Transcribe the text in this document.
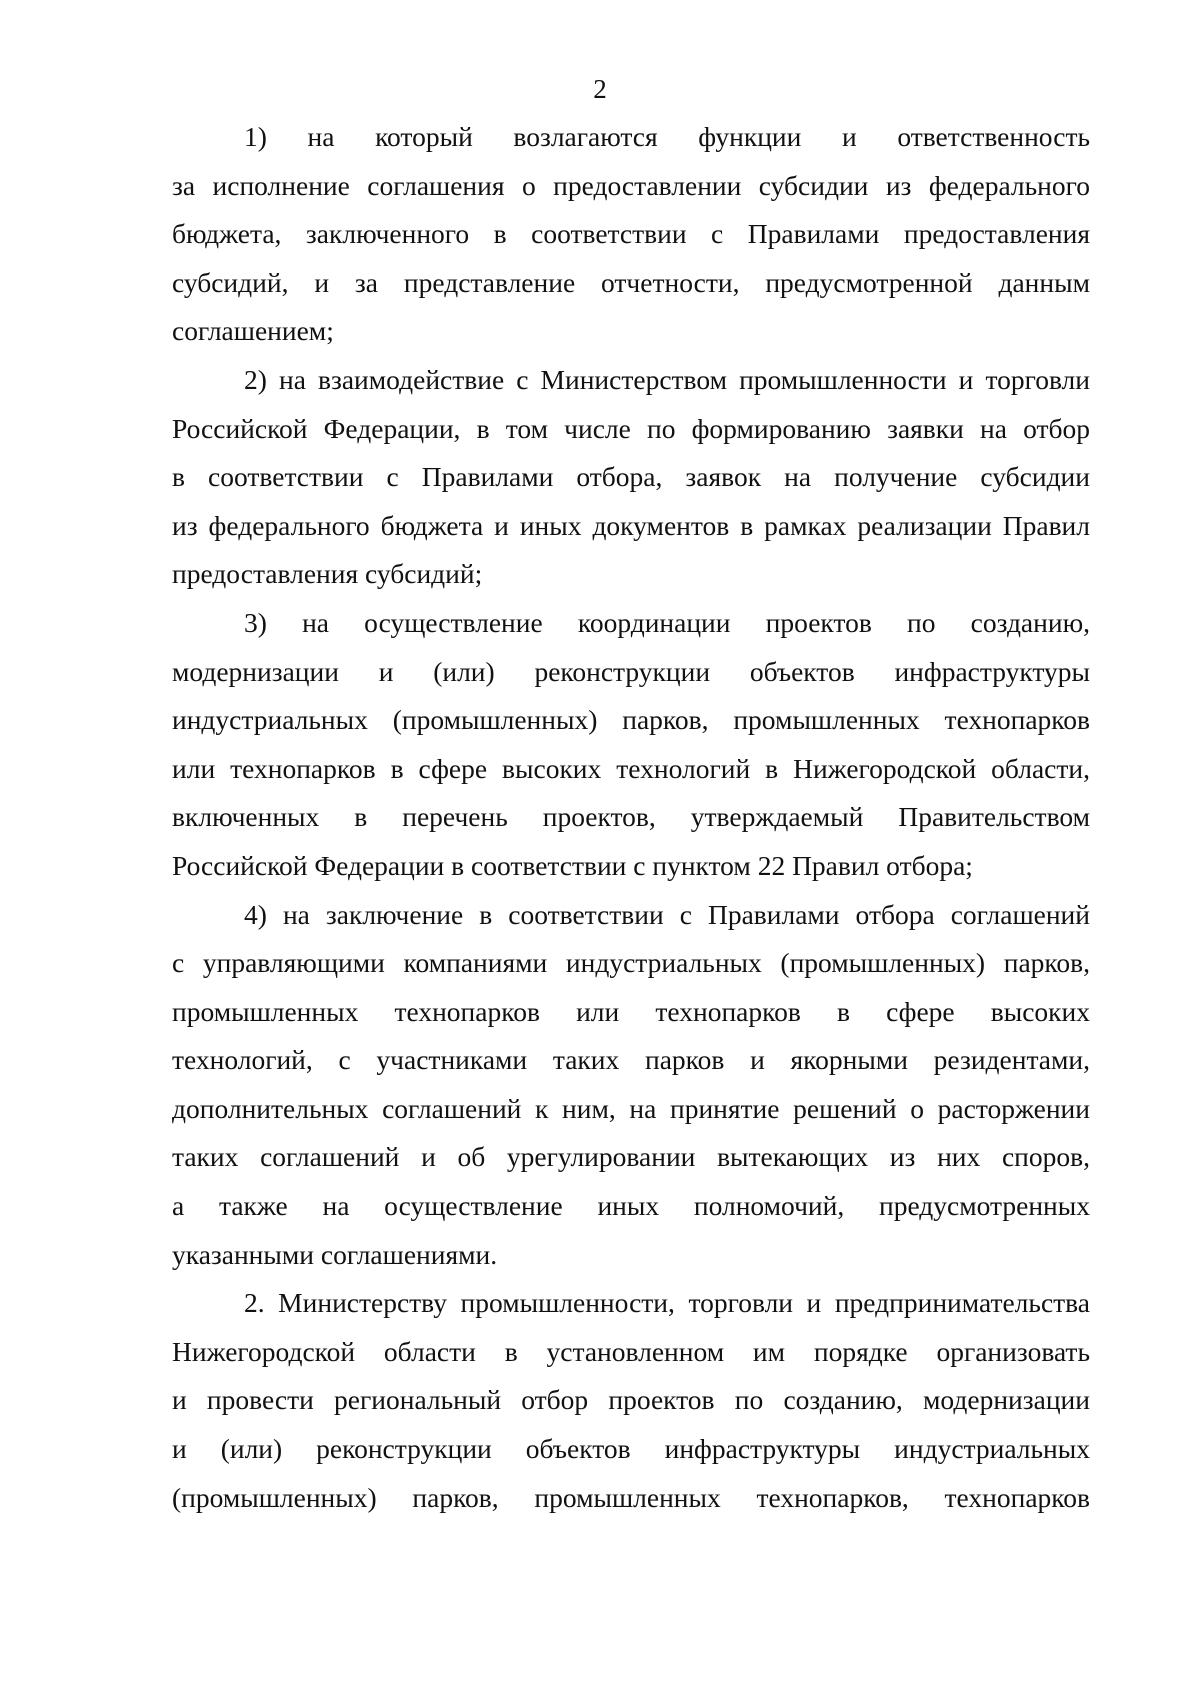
2
1) на который возлагаются функции и ответственность
за исполнение соглашения о предоставлении субсидии из федерального
бюджета, заключенного в соответствии с Правилами предоставления
субсидий, и за представление отчетности, предусмотренной данным
соглашением;
2) на взаимодействие с Министерством промышленности и торговли
Российской Федерации, в том числе по формированию заявки на отбор
в соответствии с Правилами отбора, заявок на получение субсидии
из федерального бюджета и иных документов в рамках реализации Правил
предоставления субсидий;
3) на осуществление координации проектов по созданию,
модернизации и (или) реконструкции объектов инфраструктуры
индустриальных (промышленных) парков, промышленных технопарков
или технопарков в сфере высоких технологий в Нижегородской области,
включенных в перечень проектов, утверждаемый Правительством
Российской Федерации в соответствии с пунктом 22 Правил отбора;
4) на заключение в соответствии с Правилами отбора соглашений
с управляющими компаниями индустриальных (промышленных) парков,
промышленных технопарков или технопарков в сфере высоких
технологий, с участниками таких парков и якорными резидентами,
дополнительных соглашений к ним, на принятие решений о расторжении
таких соглашений и об урегулировании вытекающих из них споров,
а также на осуществление иных полномочий, предусмотренных
указанными соглашениями.
2. Министерству промышленности, торговли и предпринимательства
Нижегородской области в установленном им порядке организовать
и провести региональный отбор проектов по созданию, модернизации
и (или) реконструкции объектов инфраструктуры индустриальных
(промышленных) парков, промышленных технопарков, технопарков
